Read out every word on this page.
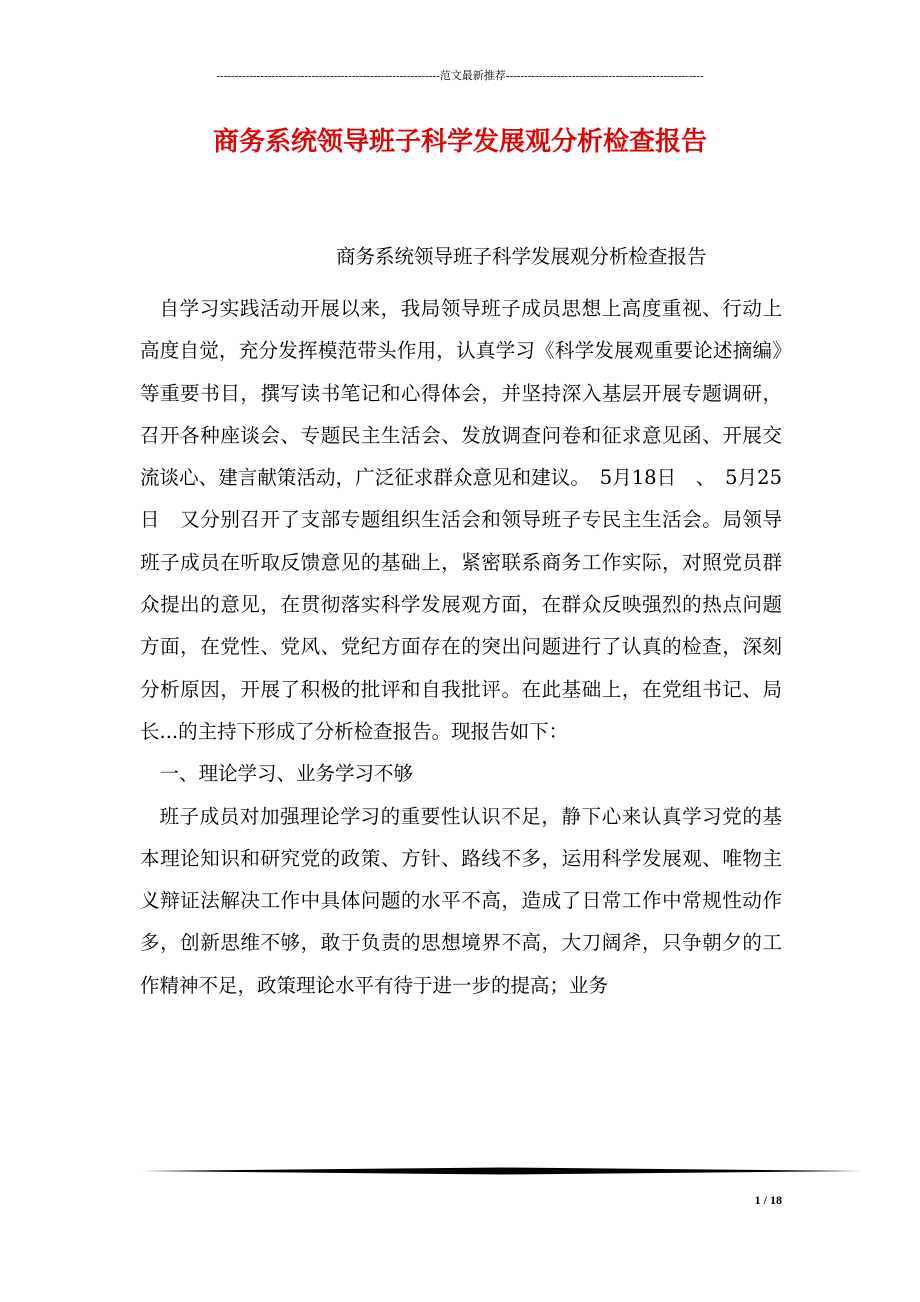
-------------------------------------------------------------范文最新推荐------------------------------------------------------
商务系统领导班子科学发展观分析检查报告
商务系统领导班子科学发展观分析检查报告

自学习实践活动开展以来，我局领导班子成员思想上高度重视、行动上高度自觉，充分发挥模范带头作用，认真学习《科学发展观重要论述摘编》等重要书目，撰写读书笔记和心得体会，并坚持深入基层开展专题调研，召开各种座谈会、专题民主生活会、发放调查问卷和征求意见函、开展交流谈心、建言献策活动，广泛征求群众意见和建议。　5月18日　、　5月25日　又分别召开了支部专题组织生活会和领导班子专民主生活会。局领导班子成员在听取反馈意见的基础上，紧密联系商务工作实际，对照党员群众提出的意见，在贯彻落实科学发展观方面，在群众反映强烈的热点问题方面，在党性、党风、党纪方面存在的突出问题进行了认真的检查，深刻分析原因，开展了积极的批评和自我批评。在此基础上，在党组书记、局长...的主持下形成了分析检查报告。现报告如下：

一、理论学习、业务学习不够

班子成员对加强理论学习的重要性认识不足，静下心来认真学习党的基本理论知识和研究党的政策、方针、路线不多，运用科学发展观、唯物主义辩证法解决工作中具体问题的水平不高，造成了日常工作中常规性动作多，创新思维不够，敢于负责的思想境界不高，大刀阔斧，只争朝夕的工作精神不足，政策理论水平有待于进一步的提高；业务

1 / 18
